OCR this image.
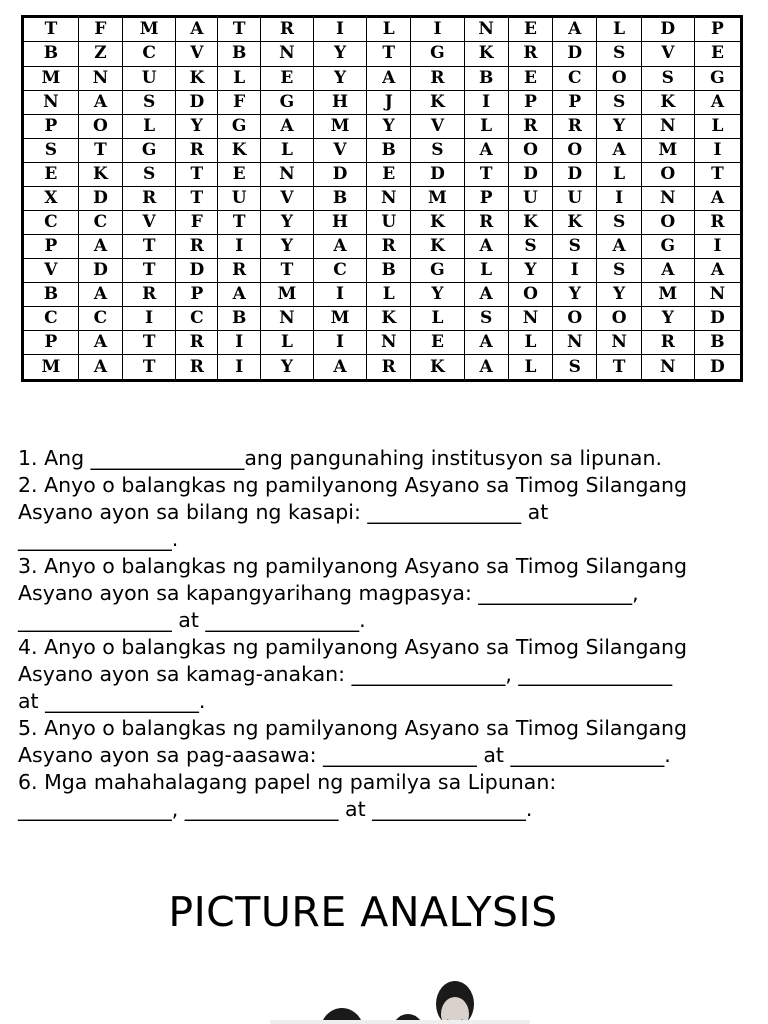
T	F	M	A	T	R	I	L	I	N	E	A	L	D	P
B	Z	C	V	B	N	Y	T	G	K	R	D	S	V	E
M	N	U	K	L	E	Y	A	R	B	E	C	O	S	G
N	A	S	D	F	G	H	J	K	I	P	P	S	K	A
P	O	L	Y	G	A	M	Y	V	L	R	R	Y	N	L
S	T	G	R	K	L	V	B	S	A	O	O	A	M	I
E	K	S	T	E	N	D	E	D	T	D	D	L	O	T
X	D	R	T	U	V	B	N	M	P	U	U	I	N	A
C	C	V	F	T	Y	H	U	K	R	K	K	S	O	R
P	A	T	R	I	Y	A	R	K	A	S	S	A	G	I
V	D	T	D	R	T	C	B	G	L	Y	I	S	A	A
B	A	R	P	A	M	I	L	Y	A	O	Y	Y	M	N
C	C	I	C	B	N	M	K	L	S	N	O	O	Y	D
P	A	T	R	I	L	I	N	E	A	L	N	N	R	B
M	A	T	R	I	Y	A	R	K	A	L	S	T	N	D
1. Ang _______________ang pangunahing institusyon sa lipunan.
2. Anyo o balangkas ng pamilyanong Asyano sa Timog Silangang
Asyano ayon sa bilang ng kasapi: _______________ at
_______________.
3. Anyo o balangkas ng pamilyanong Asyano sa Timog Silangang
Asyano ayon sa kapangyarihang magpasya: _______________,
_______________ at _______________.
4. Anyo o balangkas ng pamilyanong Asyano sa Timog Silangang
Asyano ayon sa kamag-anakan: _______________, _______________
at _______________.
5. Anyo o balangkas ng pamilyanong Asyano sa Timog Silangang
Asyano ayon sa pag-aasawa: _______________ at _______________.
6. Mga mahahalagang papel ng pamilya sa Lipunan:
_______________, _______________ at _______________.
PICTURE ANALYSIS
